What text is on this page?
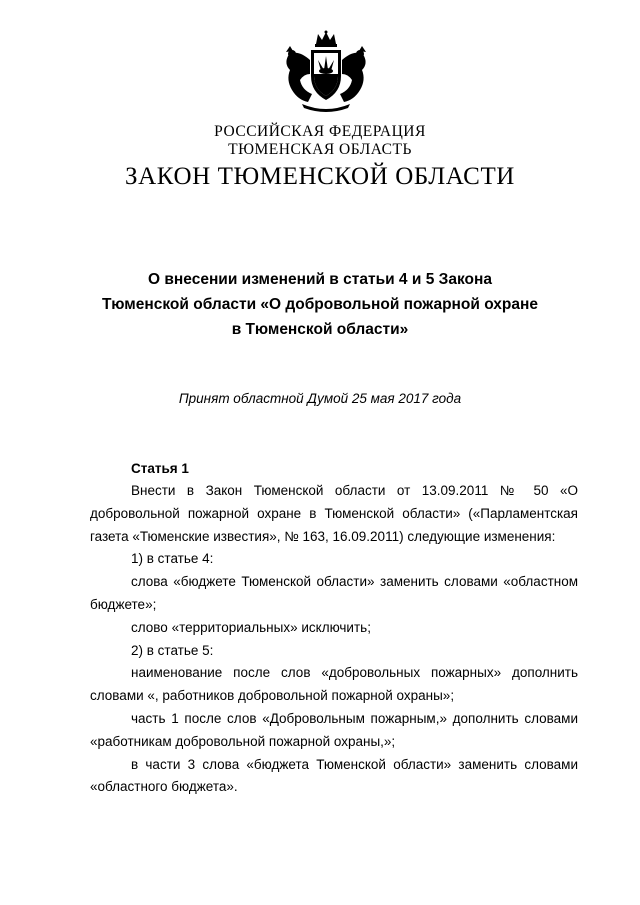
РОССИЙСКАЯ ФЕДЕРАЦИЯ
ТЮМЕНСКАЯ ОБЛАСТЬ
ЗАКОН ТЮМЕНСКОЙ ОБЛАСТИ
О внесении изменений в статьи 4 и 5 Закона
Тюменской области «О добровольной пожарной охране
в Тюменской области»
Принят областной Думой 25 мая 2017 года
Статья 1

Внести в Закон Тюменской области от 13.09.2011 № 50 «О добровольной пожарной охране в Тюменской области» («Парламентская газета «Тюменские известия», № 163, 16.09.2011) следующие изменения:

1) в статье 4:

слова «бюджете Тюменской области» заменить словами «областном бюджете»;

слово «территориальных» исключить;

2) в статье 5:

наименование после слов «добровольных пожарных» дополнить словами «, работников добровольной пожарной охраны»;

часть 1 после слов «Добровольным пожарным,» дополнить словами «работникам добровольной пожарной охраны,»;

в части 3 слова «бюджета Тюменской области» заменить словами «областного бюджета».
